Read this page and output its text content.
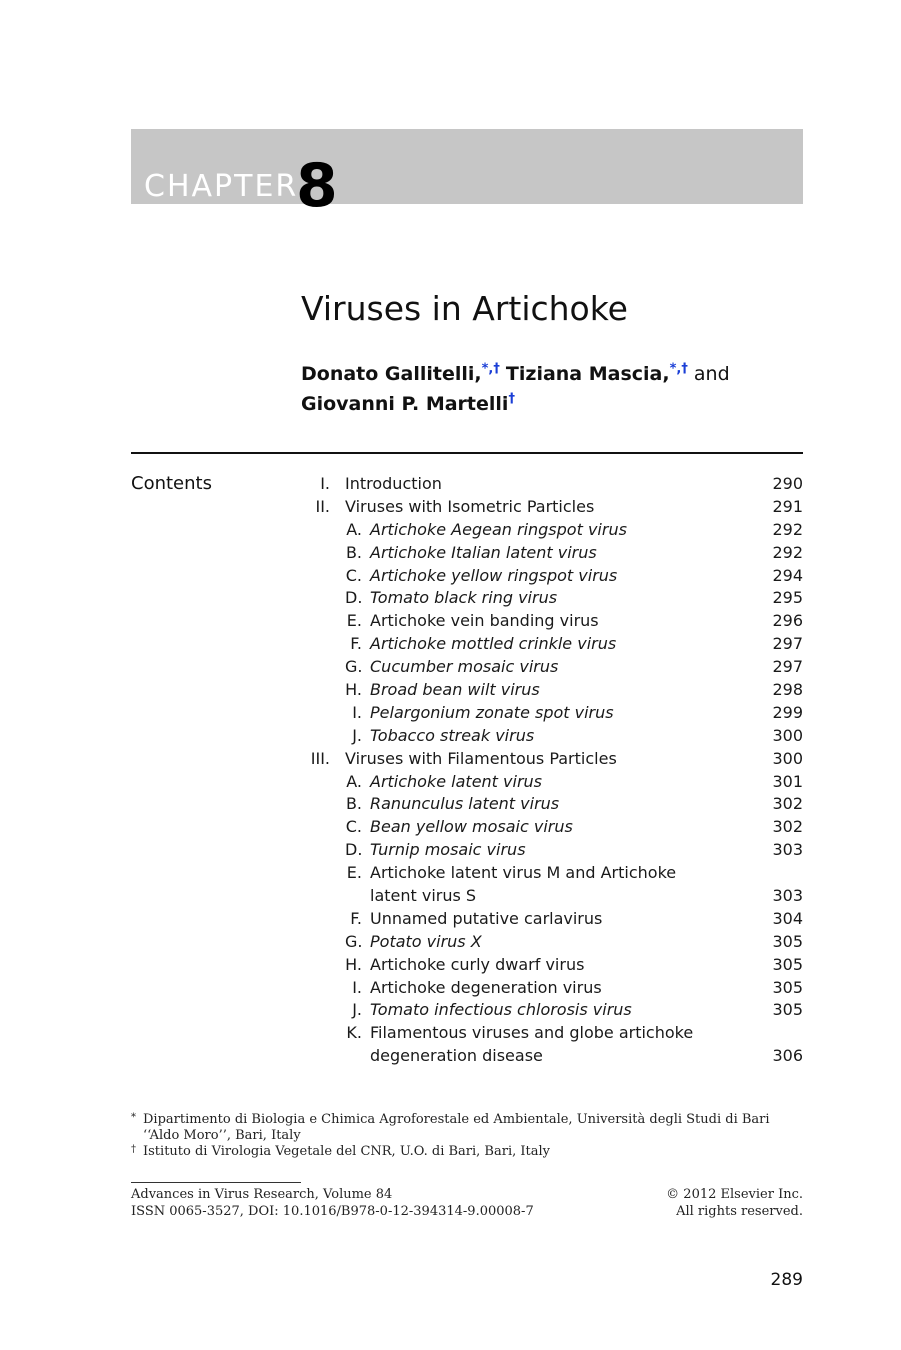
CHAPTER
8
Viruses in Artichoke
Donato Gallitelli,*,† Tiziana Mascia,*,† and
Giovanni P. Martelli†
Contents	I. Introduction	290
II. Viruses with Isometric Particles	291
A. Artichoke Aegean ringspot virus	292
B. Artichoke Italian latent virus	292
C. Artichoke yellow ringspot virus	294
D. Tomato black ring virus	295
E. Artichoke vein banding virus	296
F. Artichoke mottled crinkle virus	297
G. Cucumber mosaic virus	297
H. Broad bean wilt virus	298
I. Pelargonium zonate spot virus	299
J. Tobacco streak virus	300
III. Viruses with Filamentous Particles	300
A. Artichoke latent virus	301
B. Ranunculus latent virus	302
C. Bean yellow mosaic virus	302
D. Turnip mosaic virus	303
E. Artichoke latent virus M and Artichoke
latent virus S	303
F. Unnamed putative carlavirus	304
G. Potato virus X	305
H. Artichoke curly dwarf virus	305
I. Artichoke degeneration virus	305
J. Tomato infectious chlorosis virus	305
K. Filamentous viruses and globe artichoke
degeneration disease	306
* Dipartimento di Biologia e Chimica Agroforestale ed Ambientale, Università degli Studi di Bari ‘‘Aldo Moro’’, Bari, Italy
† Istituto di Virologia Vegetale del CNR, U.O. di Bari, Bari, Italy
Advances in Virus Research, Volume 84
ISSN 0065-3527, DOI: 10.1016/B978-0-12-394314-9.00008-7
© 2012 Elsevier Inc.
All rights reserved.
289
